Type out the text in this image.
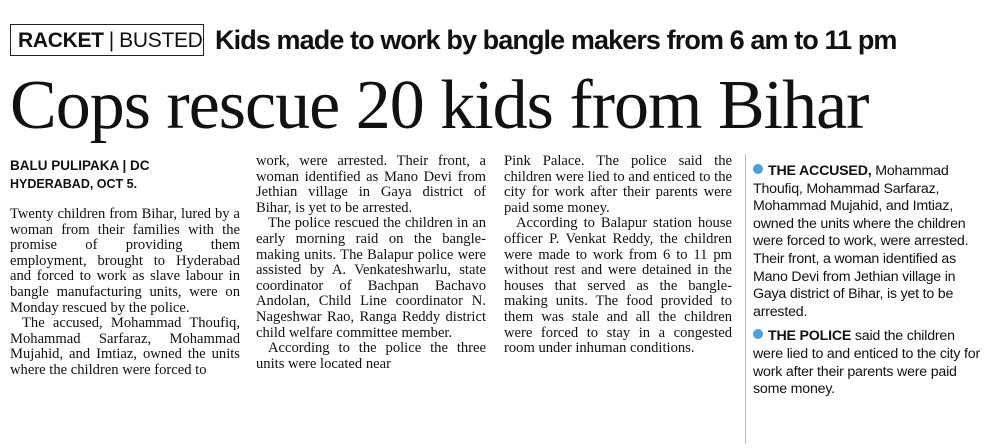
RACKET | BUSTED Kids made to work by bangle makers from 6 am to 11 pm
Cops rescue 20 kids from Bihar
BALU PULIPAKA | DC
HYDERABAD, OCT 5.

Twenty children from Bihar, lured by a woman from their families with the promise of providing them employment, brought to Hyderabad and forced to work as slave labour in bangle manufacturing units, were on Monday rescued by the police.

The accused, Mohammad Thoufiq, Mohammad Sarfaraz, Mohammad Mujahid, and Imtiaz, owned the units where the children were forced to

work, were arrested. Their front, a woman identified as Mano Devi from Jethian village in Gaya district of Bihar, is yet to be arrested.

The police rescued the children in an early morning raid on the bangle-making units. The Balapur police were assisted by A. Venkateshwarlu, state coordinator of Bachpan Bachavo Andolan, Child Line coordinator N. Nageshwar Rao, Ranga Reddy district child welfare committee member.

According to the police the three units were located near

Pink Palace. The police said the children were lied to and enticed to the city for work after their parents were paid some money.

According to Balapur station house officer P. Venkat Reddy, the children were made to work from 6 to 11 pm without rest and were detained in the houses that served as the bangle-making units. The food provided to them was stale and all the children were forced to stay in a congested room under inhuman conditions.

THE ACCUSED, Mohammad Thoufiq, Mohammad Sarfaraz, Mohammad Mujahid, and Imtiaz, owned the units where the children were forced to work, were arrested. Their front, a woman identified as Mano Devi from Jethian village in Gaya district of Bihar, is yet to be arrested.

THE POLICE said the children were lied to and enticed to the city for work after their parents were paid some money.
